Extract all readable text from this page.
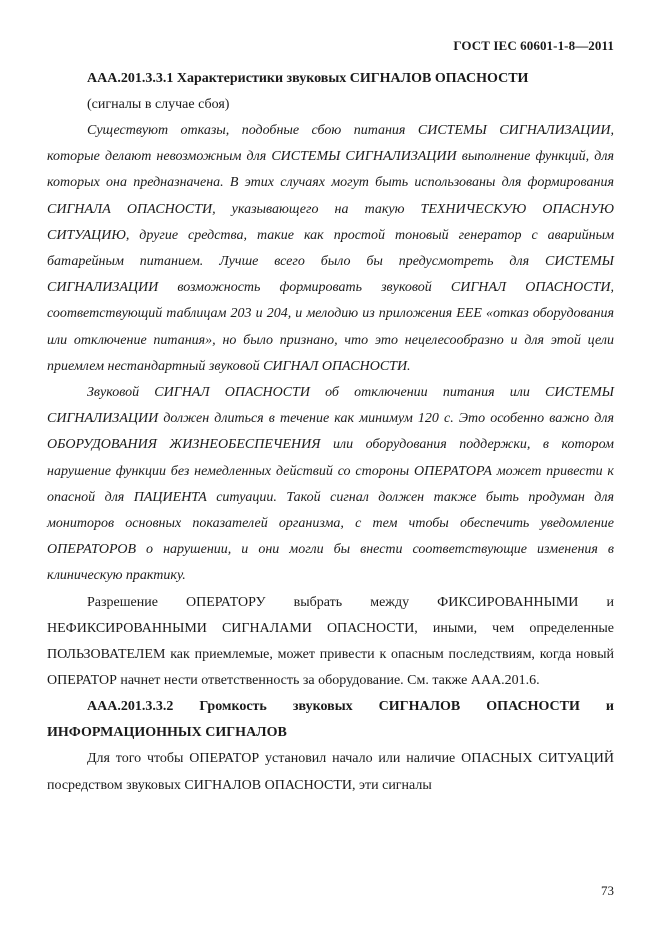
ГОСТ IEC 60601-1-8—2011

ААА.201.3.3.1 Характеристики звуковых СИГНАЛОВ ОПАСНОСТИ

(сигналы в случае сбоя)

Существуют отказы, подобные сбою питания СИСТЕМЫ СИГНАЛИЗАЦИИ, которые делают невозможным для СИСТЕМЫ СИГНАЛИЗАЦИИ выполнение функций, для которых она предназначена. В этих случаях могут быть использованы для формирования СИГНАЛА ОПАСНОСТИ, указывающего на такую ТЕХНИЧЕСКУЮ ОПАСНУЮ СИТУАЦИЮ, другие средства, такие как простой тоновый генератор с аварийным батарейным питанием. Лучше всего было бы предусмотреть для СИСТЕМЫ СИГНАЛИЗАЦИИ возможность формировать звуковой СИГНАЛ ОПАСНОСТИ, соответствующий таблицам 203 и 204, и мелодию из приложения ЕЕЕ «отказ оборудования или отключение питания», но было признано, что это нецелесообразно и для этой цели приемлем нестандартный звуковой СИГНАЛ ОПАСНОСТИ.

Звуковой СИГНАЛ ОПАСНОСТИ об отключении питания или СИСТЕМЫ СИГНАЛИЗАЦИИ должен длиться в течение как минимум 120 с. Это особенно важно для ОБОРУДОВАНИЯ ЖИЗНЕОБЕСПЕЧЕНИЯ или оборудования поддержки, в котором нарушение функции без немедленных действий со стороны ОПЕРАТОРА может привести к опасной для ПАЦИЕНТА ситуации. Такой сигнал должен также быть продуман для мониторов основных показателей организма, с тем чтобы обеспечить уведомление ОПЕРАТОРОВ о нарушении, и они могли бы внести соответствующие изменения в клиническую практику.

Разрешение ОПЕРАТОРУ выбрать между ФИКСИРОВАННЫМИ и НЕФИКСИРОВАННЫМИ СИГНАЛАМИ ОПАСНОСТИ, иными, чем определенные ПОЛЬЗОВАТЕЛЕМ как приемлемые, может привести к опасным последствиям, когда новый ОПЕРАТОР начнет нести ответственность за оборудование. См. также ААА.201.6.

ААА.201.3.3.2 Громкость звуковых СИГНАЛОВ ОПАСНОСТИ и ИНФОРМАЦИОННЫХ СИГНАЛОВ

Для того чтобы ОПЕРАТОР установил начало или наличие ОПАСНЫХ СИТУАЦИЙ посредством звуковых СИГНАЛОВ ОПАСНОСТИ, эти сигналы

73
